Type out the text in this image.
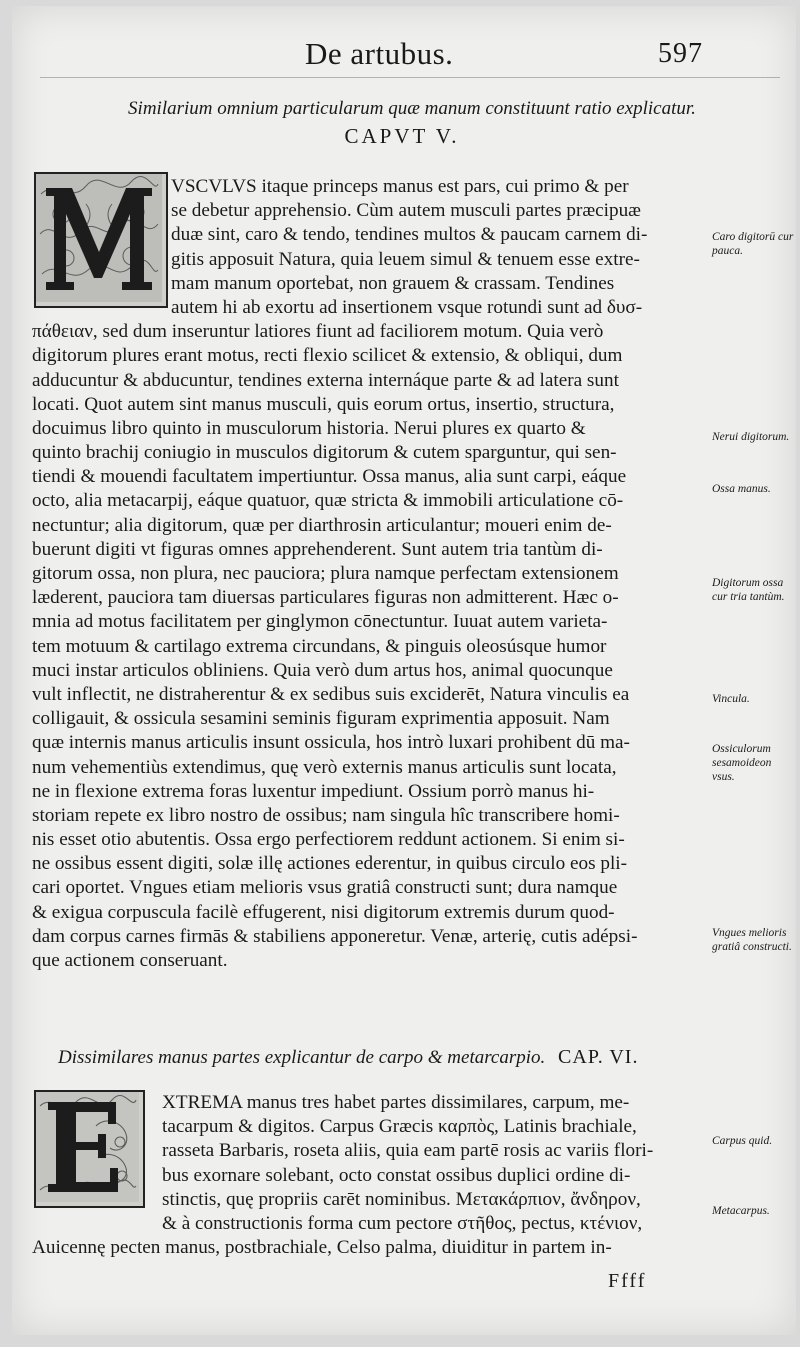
De artubus.	597
Similarium omnium particularum quæ manum constituunt ratio explicatur.
CAPVT V.
VSCVLVS itaque princeps manus est pars, cui primo & per
se debetur apprehensio. Cùm autem musculi partes præcipuæ
duæ sint, caro & tendo, tendines multos & paucam carnem di-
gitis apposuit Natura, quia leuem simul & tenuem esse extre-
mam manum oportebat, non grauem & crassam. Tendines
autem hi ab exortu ad insertionem vsque rotundi sunt ad δυσ-
πάθειαν, sed dum inseruntur latiores fiunt ad faciliorem motum. Quia verò
digitorum plures erant motus, recti flexio scilicet & extensio, & obliqui, dum
adducuntur & abducuntur, tendines externa internáque parte & ad latera sunt
locati. Quot autem sint manus musculi, quis eorum ortus, insertio, structura,
docuimus libro quinto in musculorum historia. Nerui plures ex quarto &
quinto brachij coniugio in musculos digitorum & cutem sparguntur, qui sen-
tiendi & mouendi facultatem impertiuntur. Ossa manus, alia sunt carpi, eáque
octo, alia metacarpij, eáque quatuor, quæ stricta & immobili articulatione cō-
nectuntur; alia digitorum, quæ per diarthrosin articulantur; moueri enim de-
buerunt digiti vt figuras omnes apprehenderent. Sunt autem tria tantùm di-
gitorum ossa, non plura, nec pauciora; plura namque perfectam extensionem
læderent, pauciora tam diuersas particulares figuras non admitterent. Hæc o-
mnia ad motus facilitatem per ginglymon cōnectuntur. Iuuat autem varieta-
tem motuum & cartilago extrema circundans, & pinguis oleosúsque humor
muci instar articulos obliniens. Quia verò dum artus hos, animal quocunque
vult inflectit, ne distraherentur & ex sedibus suis exciderēt, Natura vinculis ea
colligauit, & ossicula sesamini seminis figuram exprimentia apposuit. Nam
quæ internis manus articulis insunt ossicula, hos intrò luxari prohibent dū ma-
num vehementiùs extendimus, quę verò externis manus articulis sunt locata,
ne in flexione extrema foras luxentur impediunt. Ossium porrò manus hi-
storiam repete ex libro nostro de ossibus; nam singula hîc transcribere homi-
nis esset otio abutentis. Ossa ergo perfectiorem reddunt actionem. Si enim si-
ne ossibus essent digiti, solæ illę actiones ederentur, in quibus circulo eos pli-
cari oportet. Vngues etiam melioris vsus gratiâ constructi sunt; dura namque
& exigua corpuscula facilè effugerent, nisi digitorum extremis durum quod-
dam corpus carnes firmās & stabiliens apponeretur. Venæ, arterię, cutis adépsi-
que actionem conseruant.
Caro digitorū cur pauca.
Nerui digitorum.
Ossa manus.
Digitorum ossa cur tria tantùm.
Vincula.
Ossiculorum sesamoideon vsus.
Vngues melioris gratiâ constructi.
Dissimilares manus partes explicantur de carpo & metarcarpio. CAP. VI.
XTREMA manus tres habet partes dissimilares, carpum, me-
tacarpum & digitos. Carpus Græcis καρπὸς, Latinis brachiale,
rasseta Barbaris, roseta aliis, quia eam partē rosis ac variis flori-
bus exornare solebant, octo constat ossibus duplici ordine di-
stinctis, quę propriis carēt nominibus. Μετακάρπιον, ἄνδηρον,
& à constructionis forma cum pectore στῆθος, pectus, κτένιον,
Auicennę pecten manus, postbrachiale, Celso palma, diuiditur in partem in-
Carpus quid.
Metacarpus.
Ffff
